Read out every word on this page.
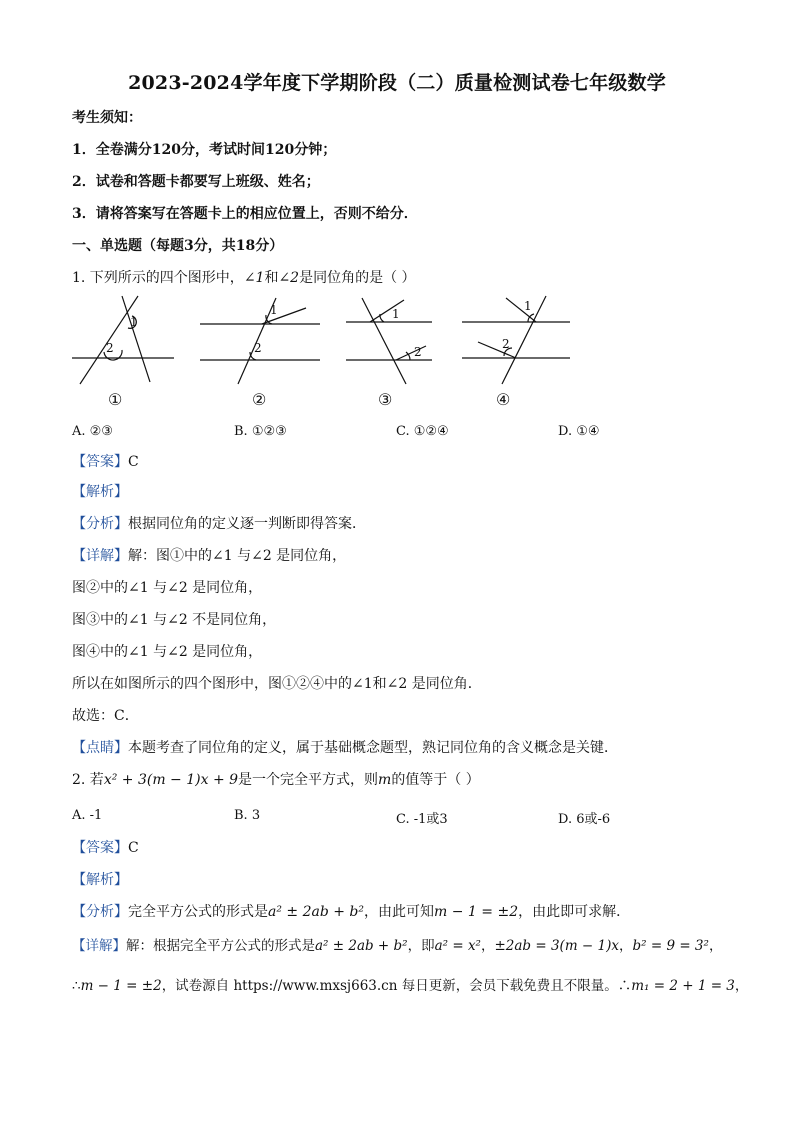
2023-2024学年度下学期阶段（二）质量检测试卷七年级数学
考生须知：
1．全卷满分120分，考试时间120分钟；
2．试卷和答题卡都要写上班级、姓名；
3．请将答案写在答题卡上的相应位置上，否则不给分．
一、单选题（每题3分，共18分）
1. 下列所示的四个图形中，∠1和∠2是同位角的是（ ）
1
2
1
2
1
2
1
2
①	②	③	④
A. ②③	B. ①②③	C. ①②④	D. ①④
【答案】C
【解析】
【分析】根据同位角的定义逐一判断即得答案．
【详解】解：图①中的∠1 与∠2 是同位角，
图②中的∠1 与∠2 是同位角，
图③中的∠1 与∠2 不是同位角，
图④中的∠1 与∠2 是同位角，
所以在如图所示的四个图形中，图①②④中的∠1和∠2 是同位角．
故选：C．
【点睛】本题考查了同位角的定义，属于基础概念题型，熟记同位角的含义概念是关键．
2. 若x² + 3(m − 1)x + 9是一个完全平方式，则m的值等于（ ）
A. -1	B. 3	C. -1或3	D. 6或-6
【答案】C
【解析】
【分析】完全平方公式的形式是a² ± 2ab + b²，由此可知m − 1 = ±2，由此即可求解．
【详解】解：根据完全平方公式的形式是a² ± 2ab + b²，即a² = x²，±2ab = 3(m − 1)x，b² = 9 = 3²，
∴m − 1 = ±2，试卷源自 https://www.mxsj663.cn 每日更新，会员下载免费且不限量。∴m₁ = 2 + 1 = 3，
